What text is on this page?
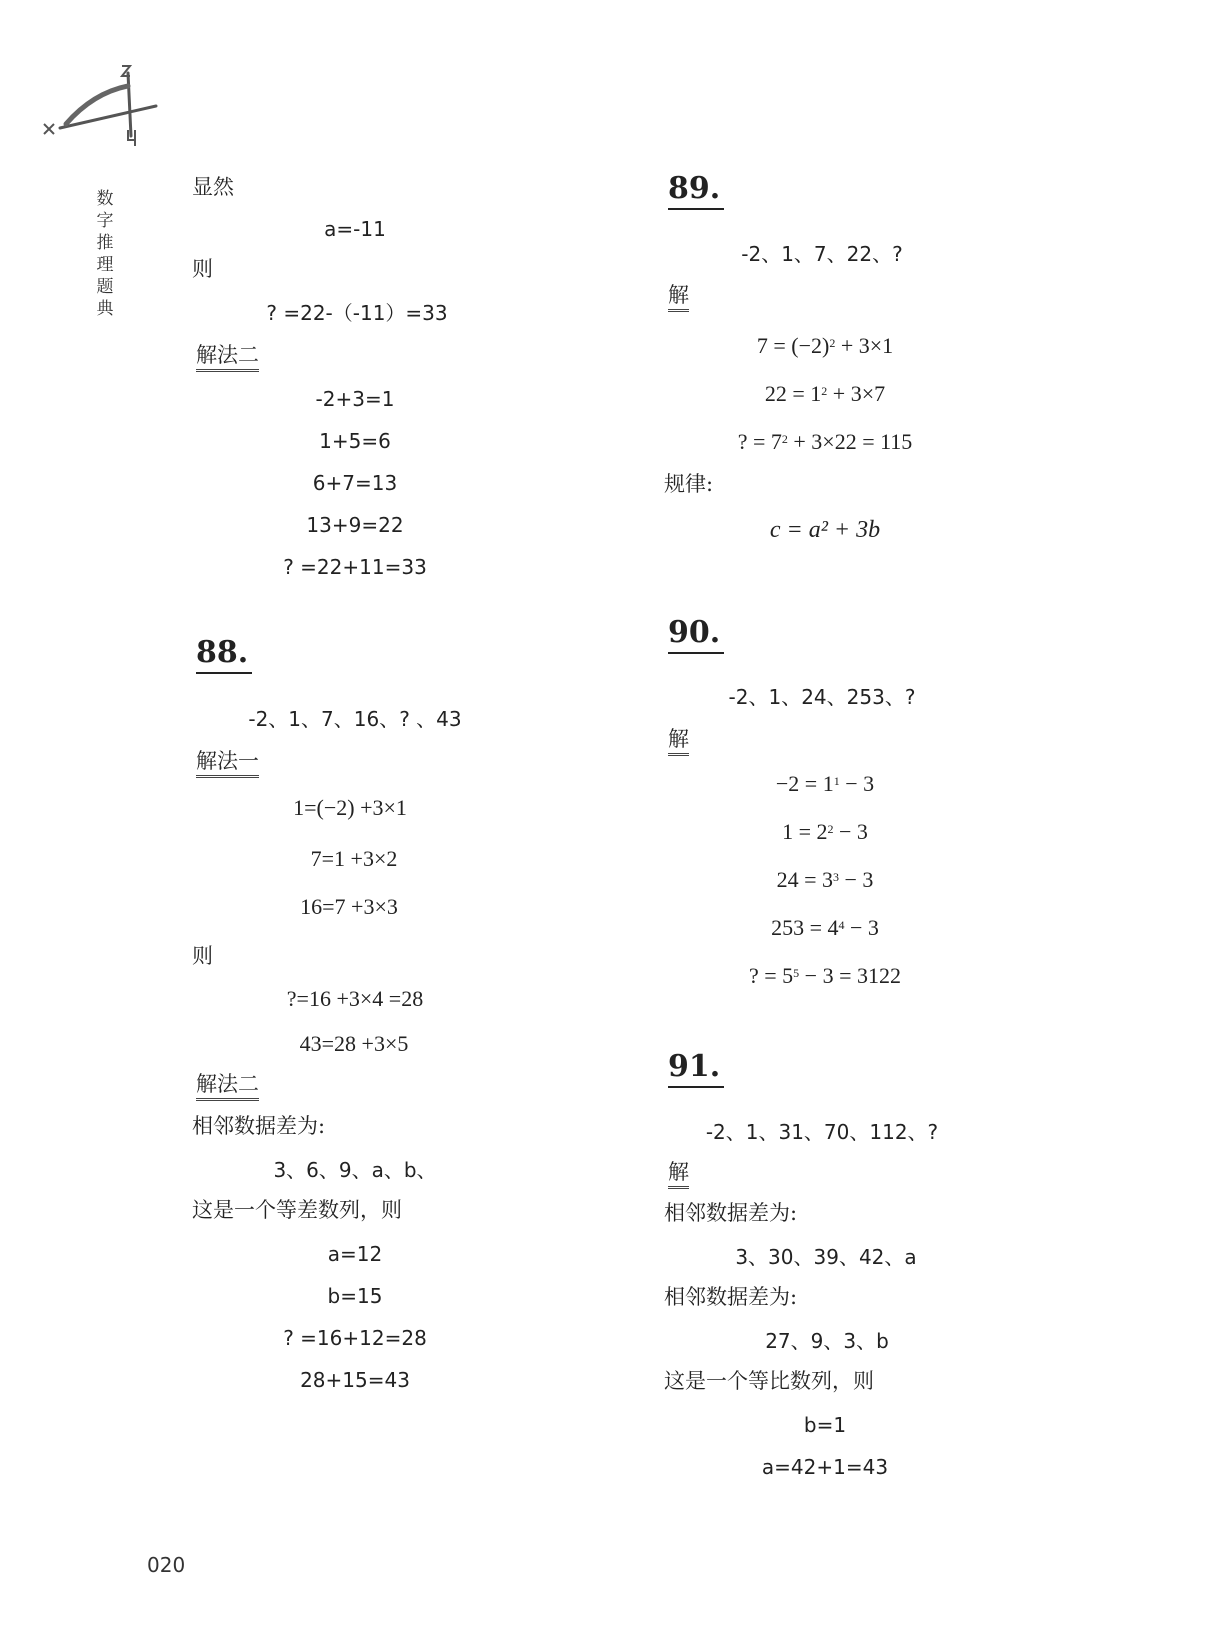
数
字
推
理
题
典
显然
a=-11
则
? =22-（-11）=33
解法二
-2+3=1
1+5=6
6+7=13
13+9=22
? =22+11=33
88.
-2、1、7、16、? 、43
解法一
1=(−2) +3×1
7=1 +3×2
16=7 +3×3
则
?=16 +3×4 =28
43=28 +3×5
解法二
相邻数据差为:
3、6、9、a、b、
这是一个等差数列，则
a=12
b=15
? =16+12=28
28+15=43
89.
-2、1、7、22、?
解
$7 = (-2)^2 + 3\times 1$
$22 = 1^2 + 3\times 7$
? = $7^2 + 3\times 22 = 115$
规律:
c = a² + 3b
90.
-2、1、24、253、?
解
$-2 = 1^1 - 3$
$1 = 2^2 - 3$
$24 = 3^3 - 3$
$253 = 4^4 - 3$
? = $5^5 - 3 = 3122$
91.
-2、1、31、70、112、?
解
相邻数据差为:
3、30、39、42、a
相邻数据差为:
27、9、3、b
这是一个等比数列，则
b=1
a=42+1=43
020
